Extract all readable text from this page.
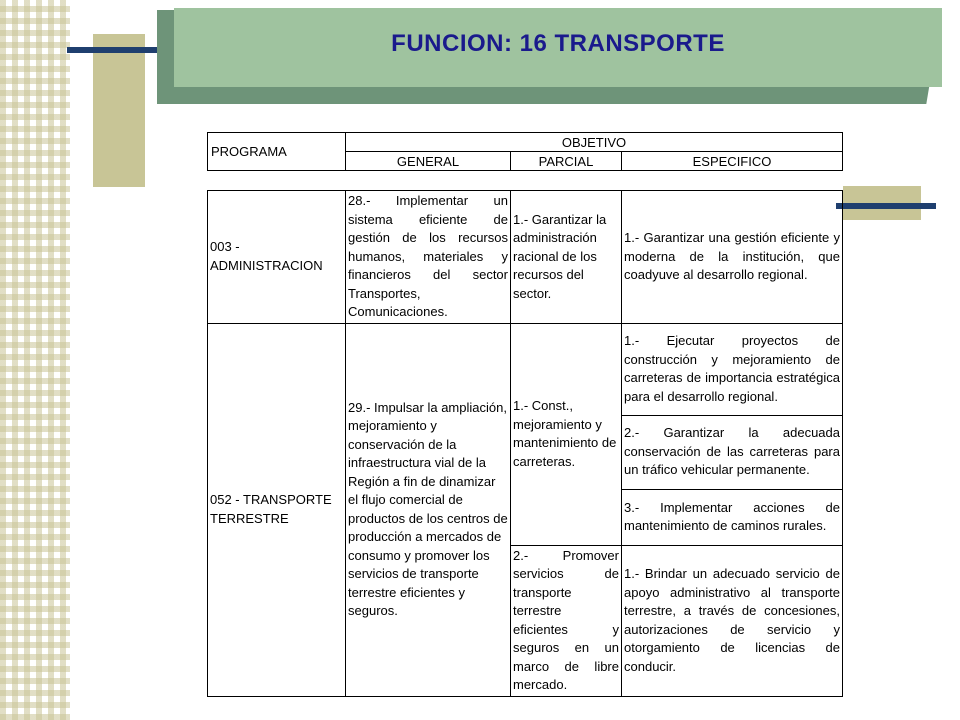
FUNCION: 16 TRANSPORTE
PROGRAMA	OBJETIVO		
	GENERAL	PARCIAL	ESPECIFICO
003 - ADMINISTRACION	28.- Implementar un sistema eficiente de gestión de los recursos humanos, materiales y financieros del sector Transportes, Comunicaciones.	1.- Garantizar la administración racional de los recursos del sector.	1.- Garantizar una gestión eficiente y moderna de la institución, que coadyuve al desarrollo regional.
052 - TRANSPORTE TERRESTRE	29.- Impulsar la ampliación, mejoramiento y conservación de la infraestructura vial de la Región a fin de dinamizar el flujo comercial de productos de los centros de producción a mercados de consumo y promover los servicios de transporte terrestre eficientes y seguros.	1.- Const., mejoramiento y mantenimiento de carreteras.	1.- Ejecutar proyectos de construcción y mejoramiento de carreteras de importancia estratégica para el desarrollo regional.
			2.- Garantizar la adecuada conservación de las carreteras para un tráfico vehicular permanente.
			3.- Implementar acciones de mantenimiento de caminos rurales.
		2.- Promover servicios de transporte terrestre eficientes y seguros en un marco de libre mercado.	1.- Brindar un adecuado servicio de apoyo administrativo al transporte terrestre, a través de concesiones, autorizaciones de servicio y otorgamiento de licencias de conducir.
